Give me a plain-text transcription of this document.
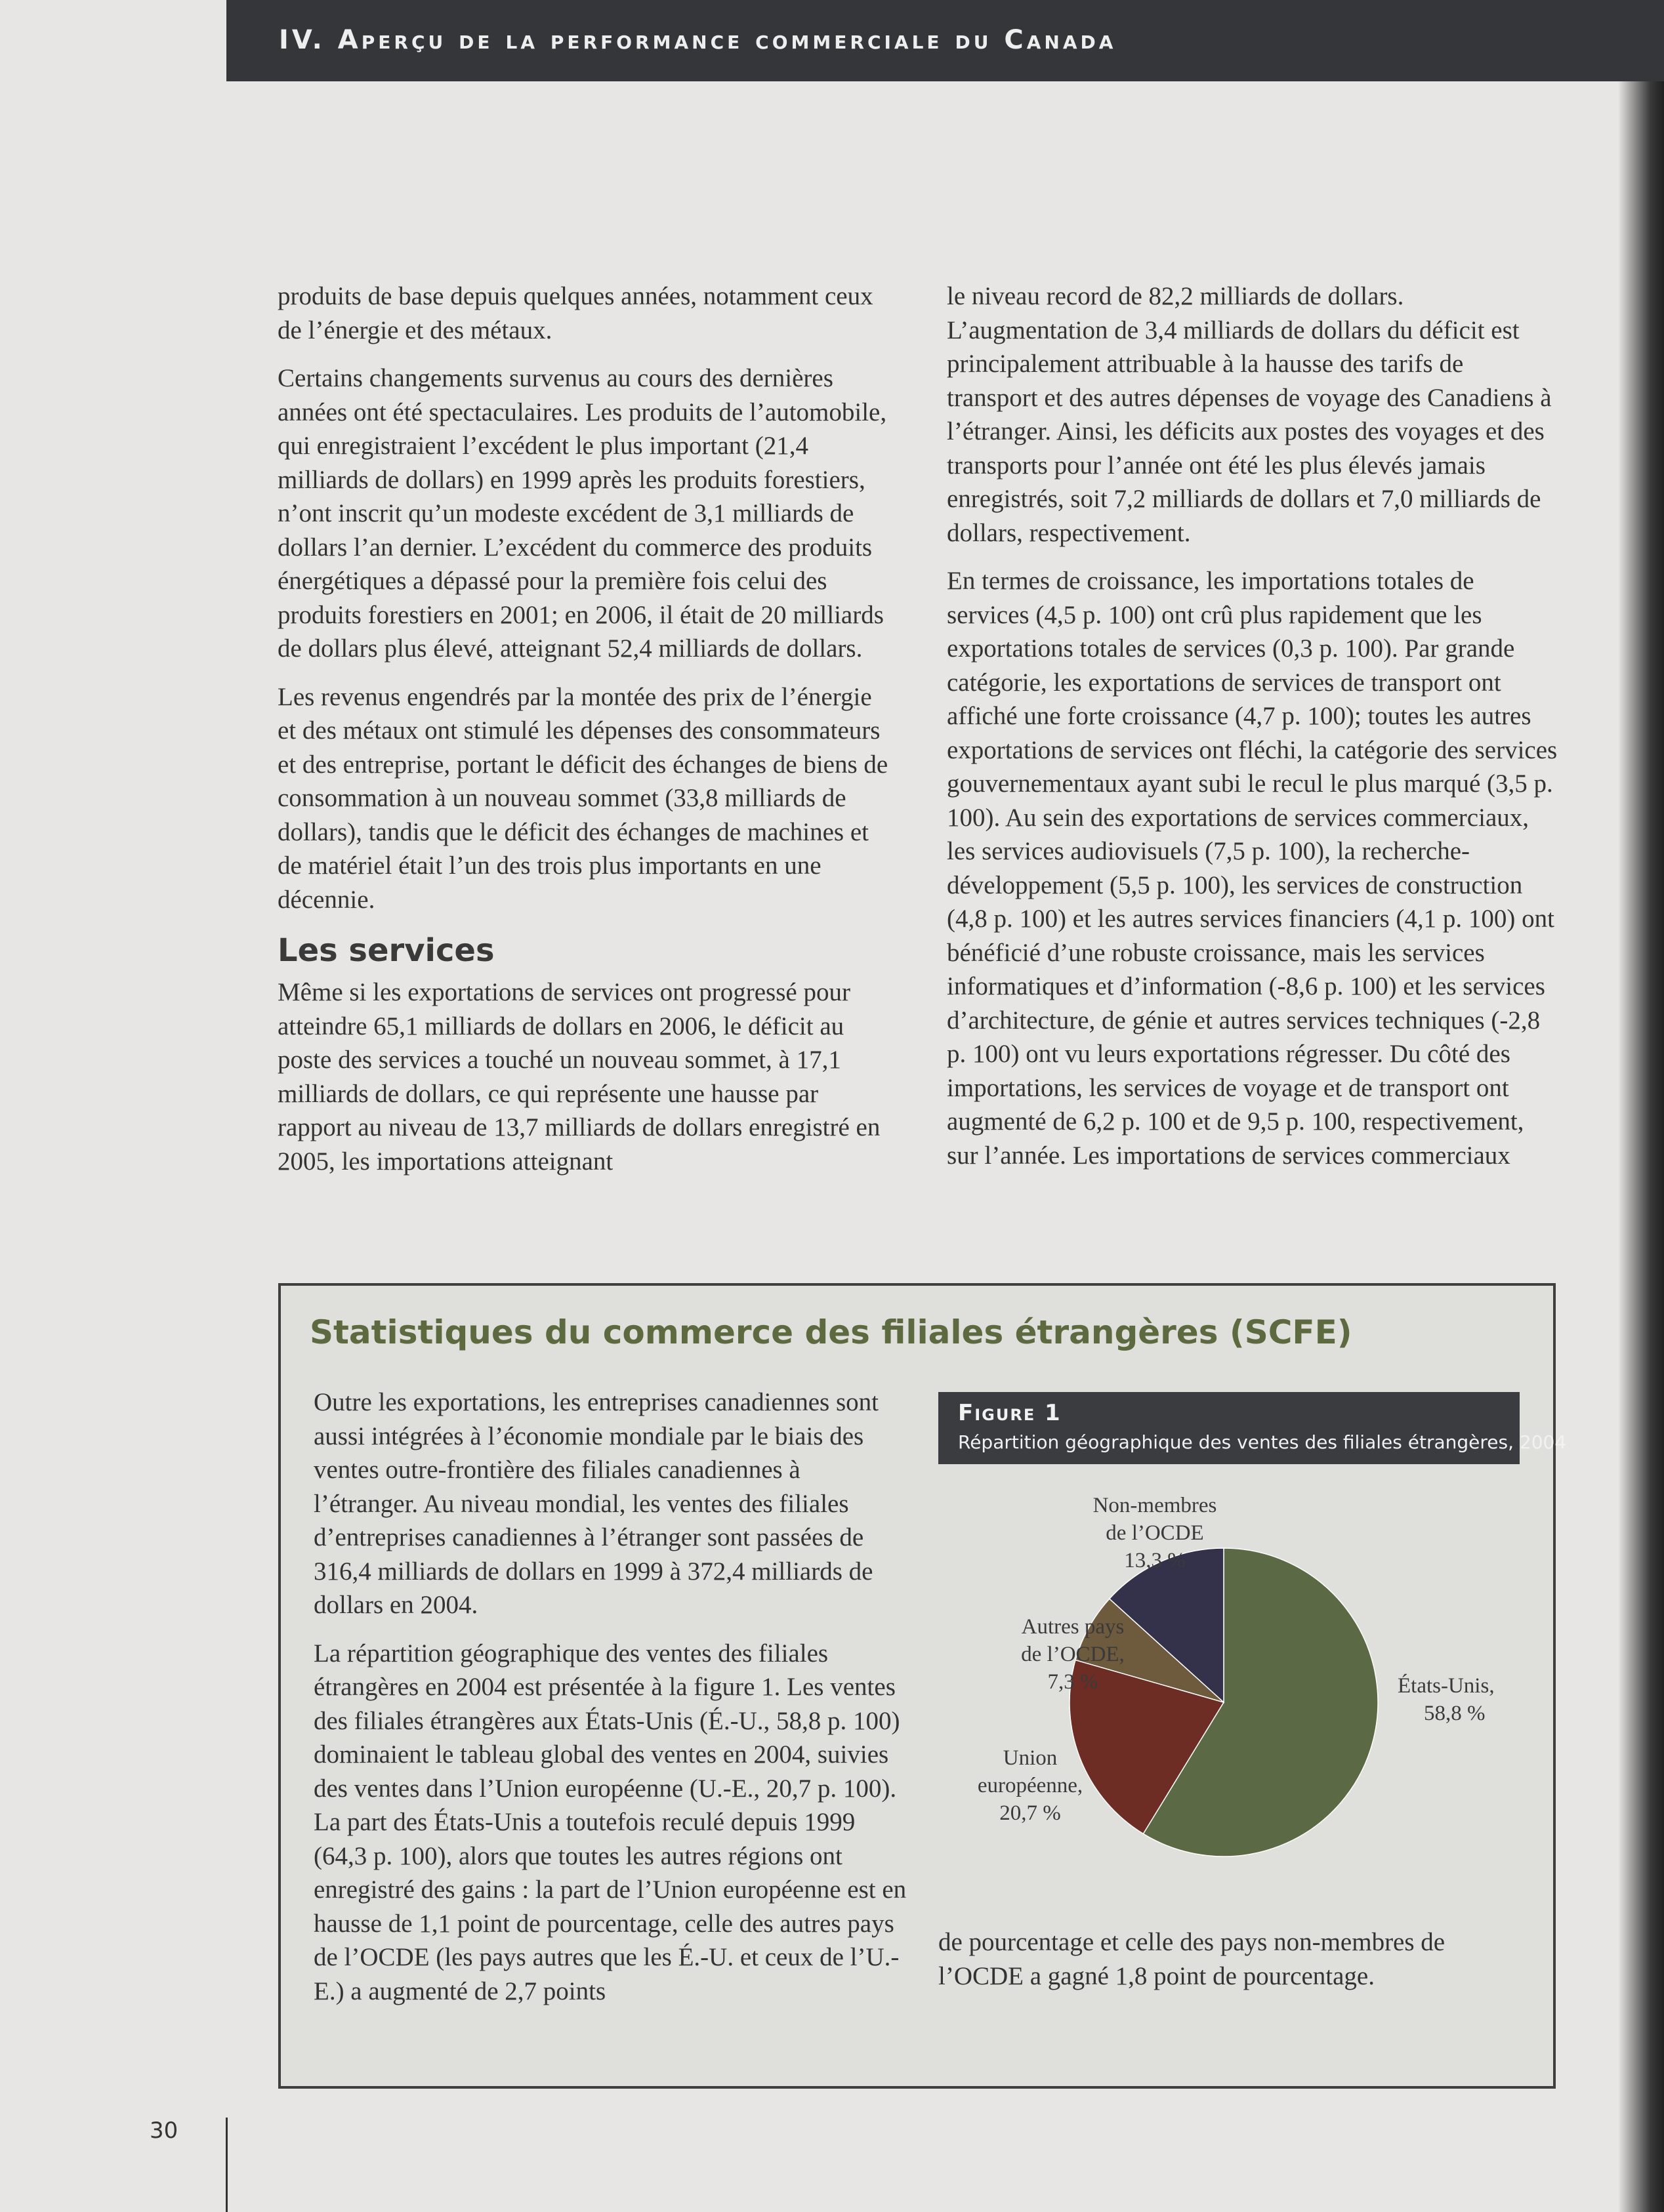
IV. Aperçu de la performance commerciale du Canada

produits de base depuis quelques années, notamment ceux de l’énergie et des métaux.

Certains changements survenus au cours des dernières années ont été spectaculaires. Les produits de l’automobile, qui enregistraient l’excédent le plus important (21,4 milliards de dollars) en 1999 après les produits forestiers, n’ont inscrit qu’un modeste excédent de 3,1 milliards de dollars l’an dernier. L’excédent du commerce des produits énergétiques a dépassé pour la première fois celui des produits forestiers en 2001; en 2006, il était de 20 milliards de dollars plus élevé, atteignant 52,4 milliards de dollars.

Les revenus engendrés par la montée des prix de l’énergie et des métaux ont stimulé les dépenses des consommateurs et des entreprise, portant le déficit des échanges de biens de consommation à un nouveau sommet (33,8 milliards de dollars), tandis que le déficit des échanges de machines et de matériel était l’un des trois plus importants en une décennie.

Les services

Même si les exportations de services ont progressé pour atteindre 65,1 milliards de dollars en 2006, le déficit au poste des services a touché un nouveau sommet, à 17,1 milliards de dollars, ce qui représente une hausse par rapport au niveau de 13,7 milliards de dollars enregistré en 2005, les importations atteignant

le niveau record de 82,2 milliards de dollars. L’augmentation de 3,4 milliards de dollars du déficit est principalement attribuable à la hausse des tarifs de transport et des autres dépenses de voyage des Canadiens à l’étranger. Ainsi, les déficits aux postes des voyages et des transports pour l’année ont été les plus élevés jamais enregistrés, soit 7,2 milliards de dollars et 7,0 milliards de dollars, respectivement.

En termes de croissance, les importations totales de services (4,5 p. 100) ont crû plus rapidement que les exportations totales de services (0,3 p. 100). Par grande catégorie, les exportations de services de transport ont affiché une forte croissance (4,7 p. 100); toutes les autres exportations de services ont fléchi, la catégorie des services gouvernementaux ayant subi le recul le plus marqué (3,5 p. 100). Au sein des exportations de services commerciaux, les services audiovisuels (7,5 p. 100), la recherche-développement (5,5 p. 100), les services de construction (4,8 p. 100) et les autres services financiers (4,1 p. 100) ont bénéficié d’une robuste croissance, mais les services informatiques et d’information (-8,6 p. 100) et les services d’architecture, de génie et autres services techniques (-2,8 p. 100) ont vu leurs exportations régresser. Du côté des importations, les services de voyage et de transport ont augmenté de 6,2 p. 100 et de 9,5 p. 100, respectivement, sur l’année. Les importations de services commerciaux

Statistiques du commerce des filiales étrangères (SCFE)

Outre les exportations, les entreprises canadiennes sont aussi intégrées à l’économie mondiale par le biais des ventes outre-frontière des filiales canadiennes à l’étranger. Au niveau mondial, les ventes des filiales d’entreprises canadiennes à l’étranger sont passées de 316,4 milliards de dollars en 1999 à 372,4 milliards de dollars en 2004.

La répartition géographique des ventes des filiales étrangères en 2004 est présentée à la figure 1. Les ventes des filiales étrangères aux États-Unis (É.-U., 58,8 p. 100) dominaient le tableau global des ventes en 2004, suivies des ventes dans l’Union européenne (U.-E., 20,7 p. 100). La part des États-Unis a toutefois reculé depuis 1999 (64,3 p. 100), alors que toutes les autres régions ont enregistré des gains : la part de l’Union européenne est en hausse de 1,1 point de pourcentage, celle des autres pays de l’OCDE (les pays autres que les É.-U. et ceux de l’U.-E.) a augmenté de 2,7 points

Figure 1
Répartition géographique des ventes des filiales étrangères, 2004
États-Unis, 58,8 %
Union européenne, 20,7 %
Autres pays de l’OCDE, 7,3 %
Non-membres de l’OCDE 13,3 %
de pourcentage et celle des pays non-membres de l’OCDE a gagné 1,8 point de pourcentage.
30
